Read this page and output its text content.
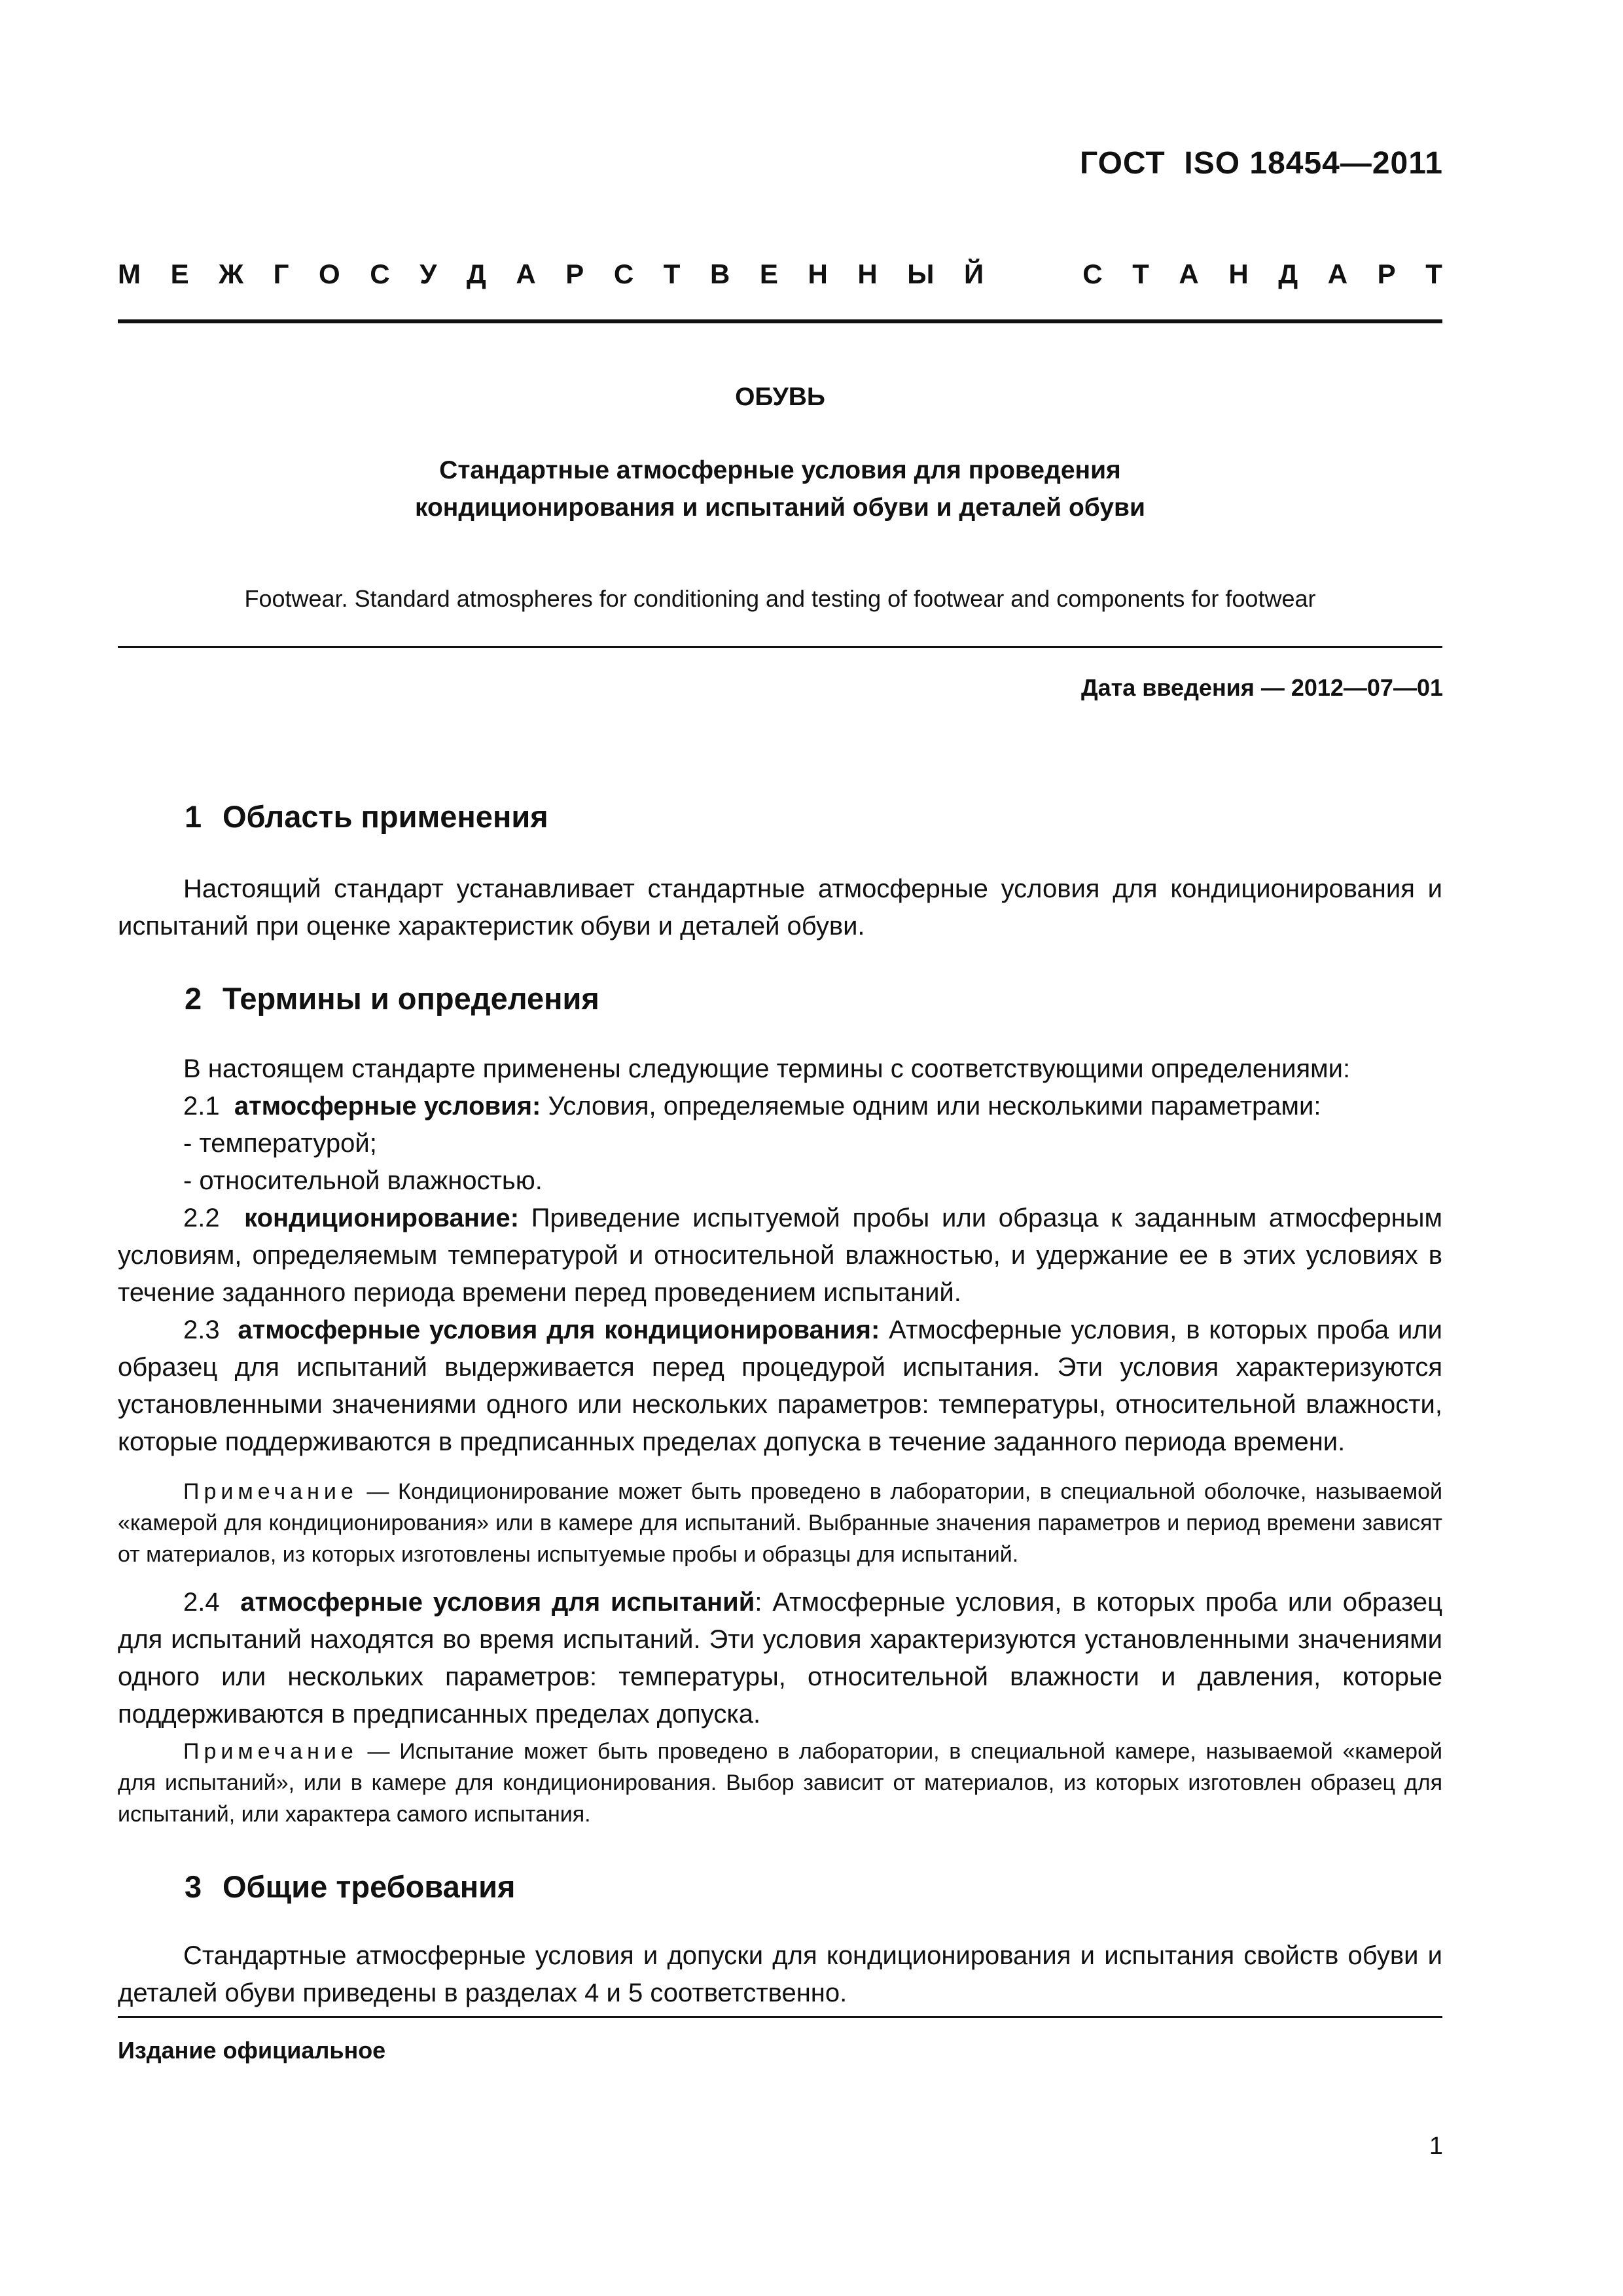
ГОСТ  ISO 18454—2011
М Е Ж Г О С У Д А Р С Т В Е Н Н Ы Й	С Т А Н Д А Р Т
ОБУВЬ
Стандартные атмосферные условия для проведения
кондиционирования и испытаний обуви и деталей обуви
Footwear. Standard atmospheres for conditioning and testing of footwear and components for footwear
Дата введения — 2012—07—01
1 Область применения

Настоящий стандарт устанавливает стандартные атмосферные условия для кондиционирования и испытаний при оценке характеристик обуви и деталей обуви.

2 Термины и определения

В настоящем стандарте применены следующие термины с соответствующими определениями:

2.1 атмосферные условия: Условия, определяемые одним или несколькими параметрами:

- температурой;

- относительной влажностью.

2.2 кондиционирование: Приведение испытуемой пробы или образца к заданным атмосферным условиям, определяемым температурой и относительной влажностью, и удержание ее в этих условиях в течение заданного периода времени перед проведением испытаний.

2.3 атмосферные условия для кондиционирования: Атмосферные условия, в которых проба или образец для испытаний выдерживается перед процедурой испытания. Эти условия характеризуются установленными значениями одного или нескольких параметров: температуры, относительной влажности, которые поддерживаются в предписанных пределах допуска в течение заданного периода времени.

Примечание — Кондиционирование может быть проведено в лаборатории, в специальной оболочке, называемой «камерой для кондиционирования» или в камере для испытаний. Выбранные значения параметров и период времени зависят от материалов, из которых изготовлены испытуемые пробы и образцы для испытаний.

2.4 атмосферные условия для испытаний: Атмосферные условия, в которых проба или образец для испытаний находятся во время испытаний. Эти условия характеризуются установленными значениями одного или нескольких параметров: температуры, относительной влажности и давления, которые поддерживаются в предписанных пределах допуска.

Примечание — Испытание может быть проведено в лаборатории, в специальной камере, называемой «камерой для испытаний», или в камере для кондиционирования. Выбор зависит от материалов, из которых изготовлен образец для испытаний, или характера самого испытания.
3 Общие требования

Стандартные атмосферные условия и допуски для кондиционирования и испытания свойств обуви и деталей обуви приведены в разделах 4 и 5 соответственно.

Издание официальное
1
